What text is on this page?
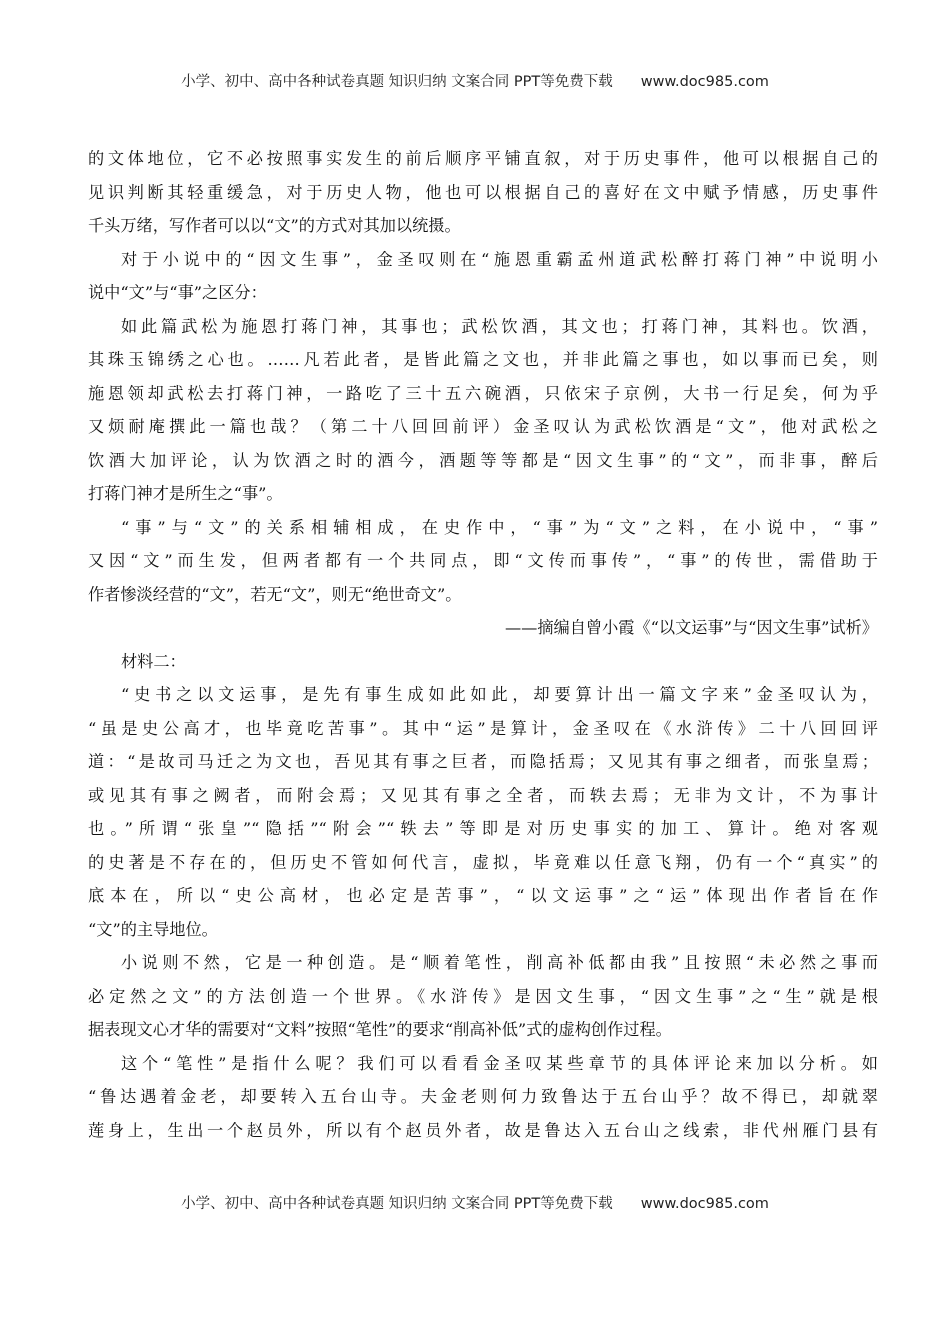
小学、初中、高中各种试卷真题 知识归纳 文案合同 PPT等免费下载 www.doc985.com
的文体地位，它不必按照事实发生的前后顺序平铺直叙，对于历史事件，他可以根据自己的
见识判断其轻重缓急，对于历史人物，他也可以根据自己的喜好在文中赋予情感，历史事件
千头万绪，写作者可以以“文”的方式对其加以统摄。
对于小说中的“因文生事”，金圣叹则在“施恩重霸孟州道武松醉打蒋门神”中说明小
说中“文”与“事”之区分：
如此篇武松为施恩打蒋门神，其事也；武松饮酒，其文也；打蒋门神，其料也。饮酒，
其珠玉锦绣之心也。……凡若此者，是皆此篇之文也，并非此篇之事也，如以事而已矣，则
施恩领却武松去打蒋门神，一路吃了三十五六碗酒，只依宋子京例，大书一行足矣，何为乎
又烦耐庵撰此一篇也哉？（第二十八回回前评）金圣叹认为武松饮酒是“文”，他对武松之
饮酒大加评论，认为饮酒之时的酒今，酒题等等都是“因文生事”的“文”，而非事，醉后
打蒋门神才是所生之“事”。
“事”与“文”的关系相辅相成，在史作中，“事”为“文”之料，在小说中，“事”
又因“文”而生发，但两者都有一个共同点，即“文传而事传”，“事”的传世，需借助于
作者惨淡经营的“文”，若无“文”，则无“绝世奇文”。
——摘编自曾小霞《“以文运事”与“因文生事”试析》
材料二：
“史书之以文运事，是先有事生成如此如此，却要算计出一篇文字来”金圣叹认为，
“虽是史公高才，也毕竟吃苦事”。其中“运”是算计，金圣叹在《水浒传》二十八回回评
道：“是故司马迁之为文也，吾见其有事之巨者，而隐括焉；又见其有事之细者，而张皇焉；
或见其有事之阙者，而附会焉；又见其有事之全者，而轶去焉；无非为文计，不为事计
也。”所谓“张皇”“隐括”“附会”“轶去”等即是对历史事实的加工、算计。绝对客观
的史著是不存在的，但历史不管如何代言，虚拟，毕竟难以任意飞翔，仍有一个“真实”的
底本在，所以“史公高材，也必定是苦事”，“以文运事”之“运”体现出作者旨在作
“文”的主导地位。
小说则不然，它是一种创造。是“顺着笔性，削高补低都由我”且按照“未必然之事而
必定然之文”的方法创造一个世界。《水浒传》是因文生事，“因文生事”之“生”就是根
据表现文心才华的需要对“文料”按照“笔性”的要求“削高补低”式的虚构创作过程。
这个“笔性”是指什么呢？我们可以看看金圣叹某些章节的具体评论来加以分析。如
“鲁达遇着金老，却要转入五台山寺。夫金老则何力致鲁达于五台山乎？故不得已，却就翠
莲身上，生出一个赵员外，所以有个赵员外者，故是鲁达入五台山之线索，非代州雁门县有
小学、初中、高中各种试卷真题 知识归纳 文案合同 PPT等免费下载 www.doc985.com
